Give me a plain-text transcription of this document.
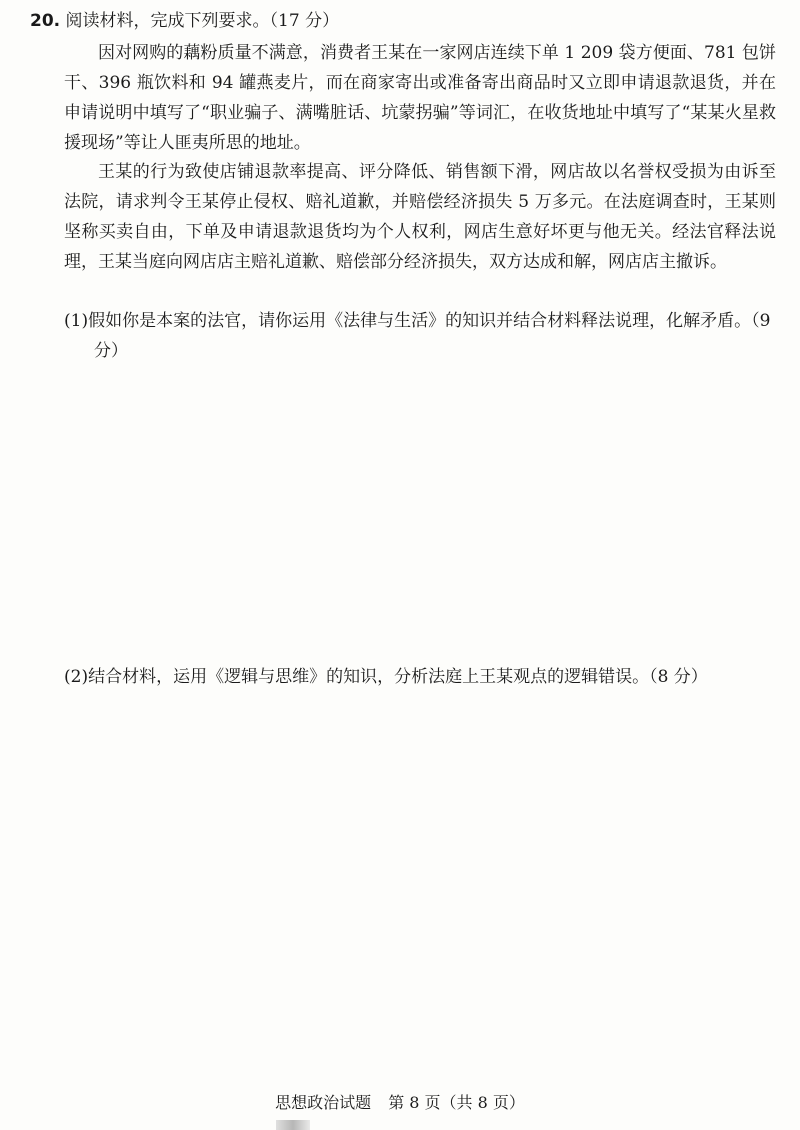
20. 阅读材料，完成下列要求。（17 分）

因对网购的藕粉质量不满意，消费者王某在一家网店连续下单 1 209 袋方便面、781 包饼干、396 瓶饮料和 94 罐燕麦片，而在商家寄出或准备寄出商品时又立即申请退款退货，并在申请说明中填写了“职业骗子、满嘴脏话、坑蒙拐骗”等词汇，在收货地址中填写了“某某火星救援现场”等让人匪夷所思的地址。

王某的行为致使店铺退款率提高、评分降低、销售额下滑，网店故以名誉权受损为由诉至法院，请求判令王某停止侵权、赔礼道歉，并赔偿经济损失 5 万多元。在法庭调查时，王某则坚称买卖自由，下单及申请退款退货均为个人权利，网店生意好坏更与他无关。经法官释法说理，王某当庭向网店店主赔礼道歉、赔偿部分经济损失，双方达成和解，网店店主撤诉。

(1)假如你是本案的法官，请你运用《法律与生活》的知识并结合材料释法说理，化解矛盾。（9 分）

(2)结合材料，运用《逻辑与思维》的知识，分析法庭上王某观点的逻辑错误。（8 分）

思想政治试题 第 8 页（共 8 页）
